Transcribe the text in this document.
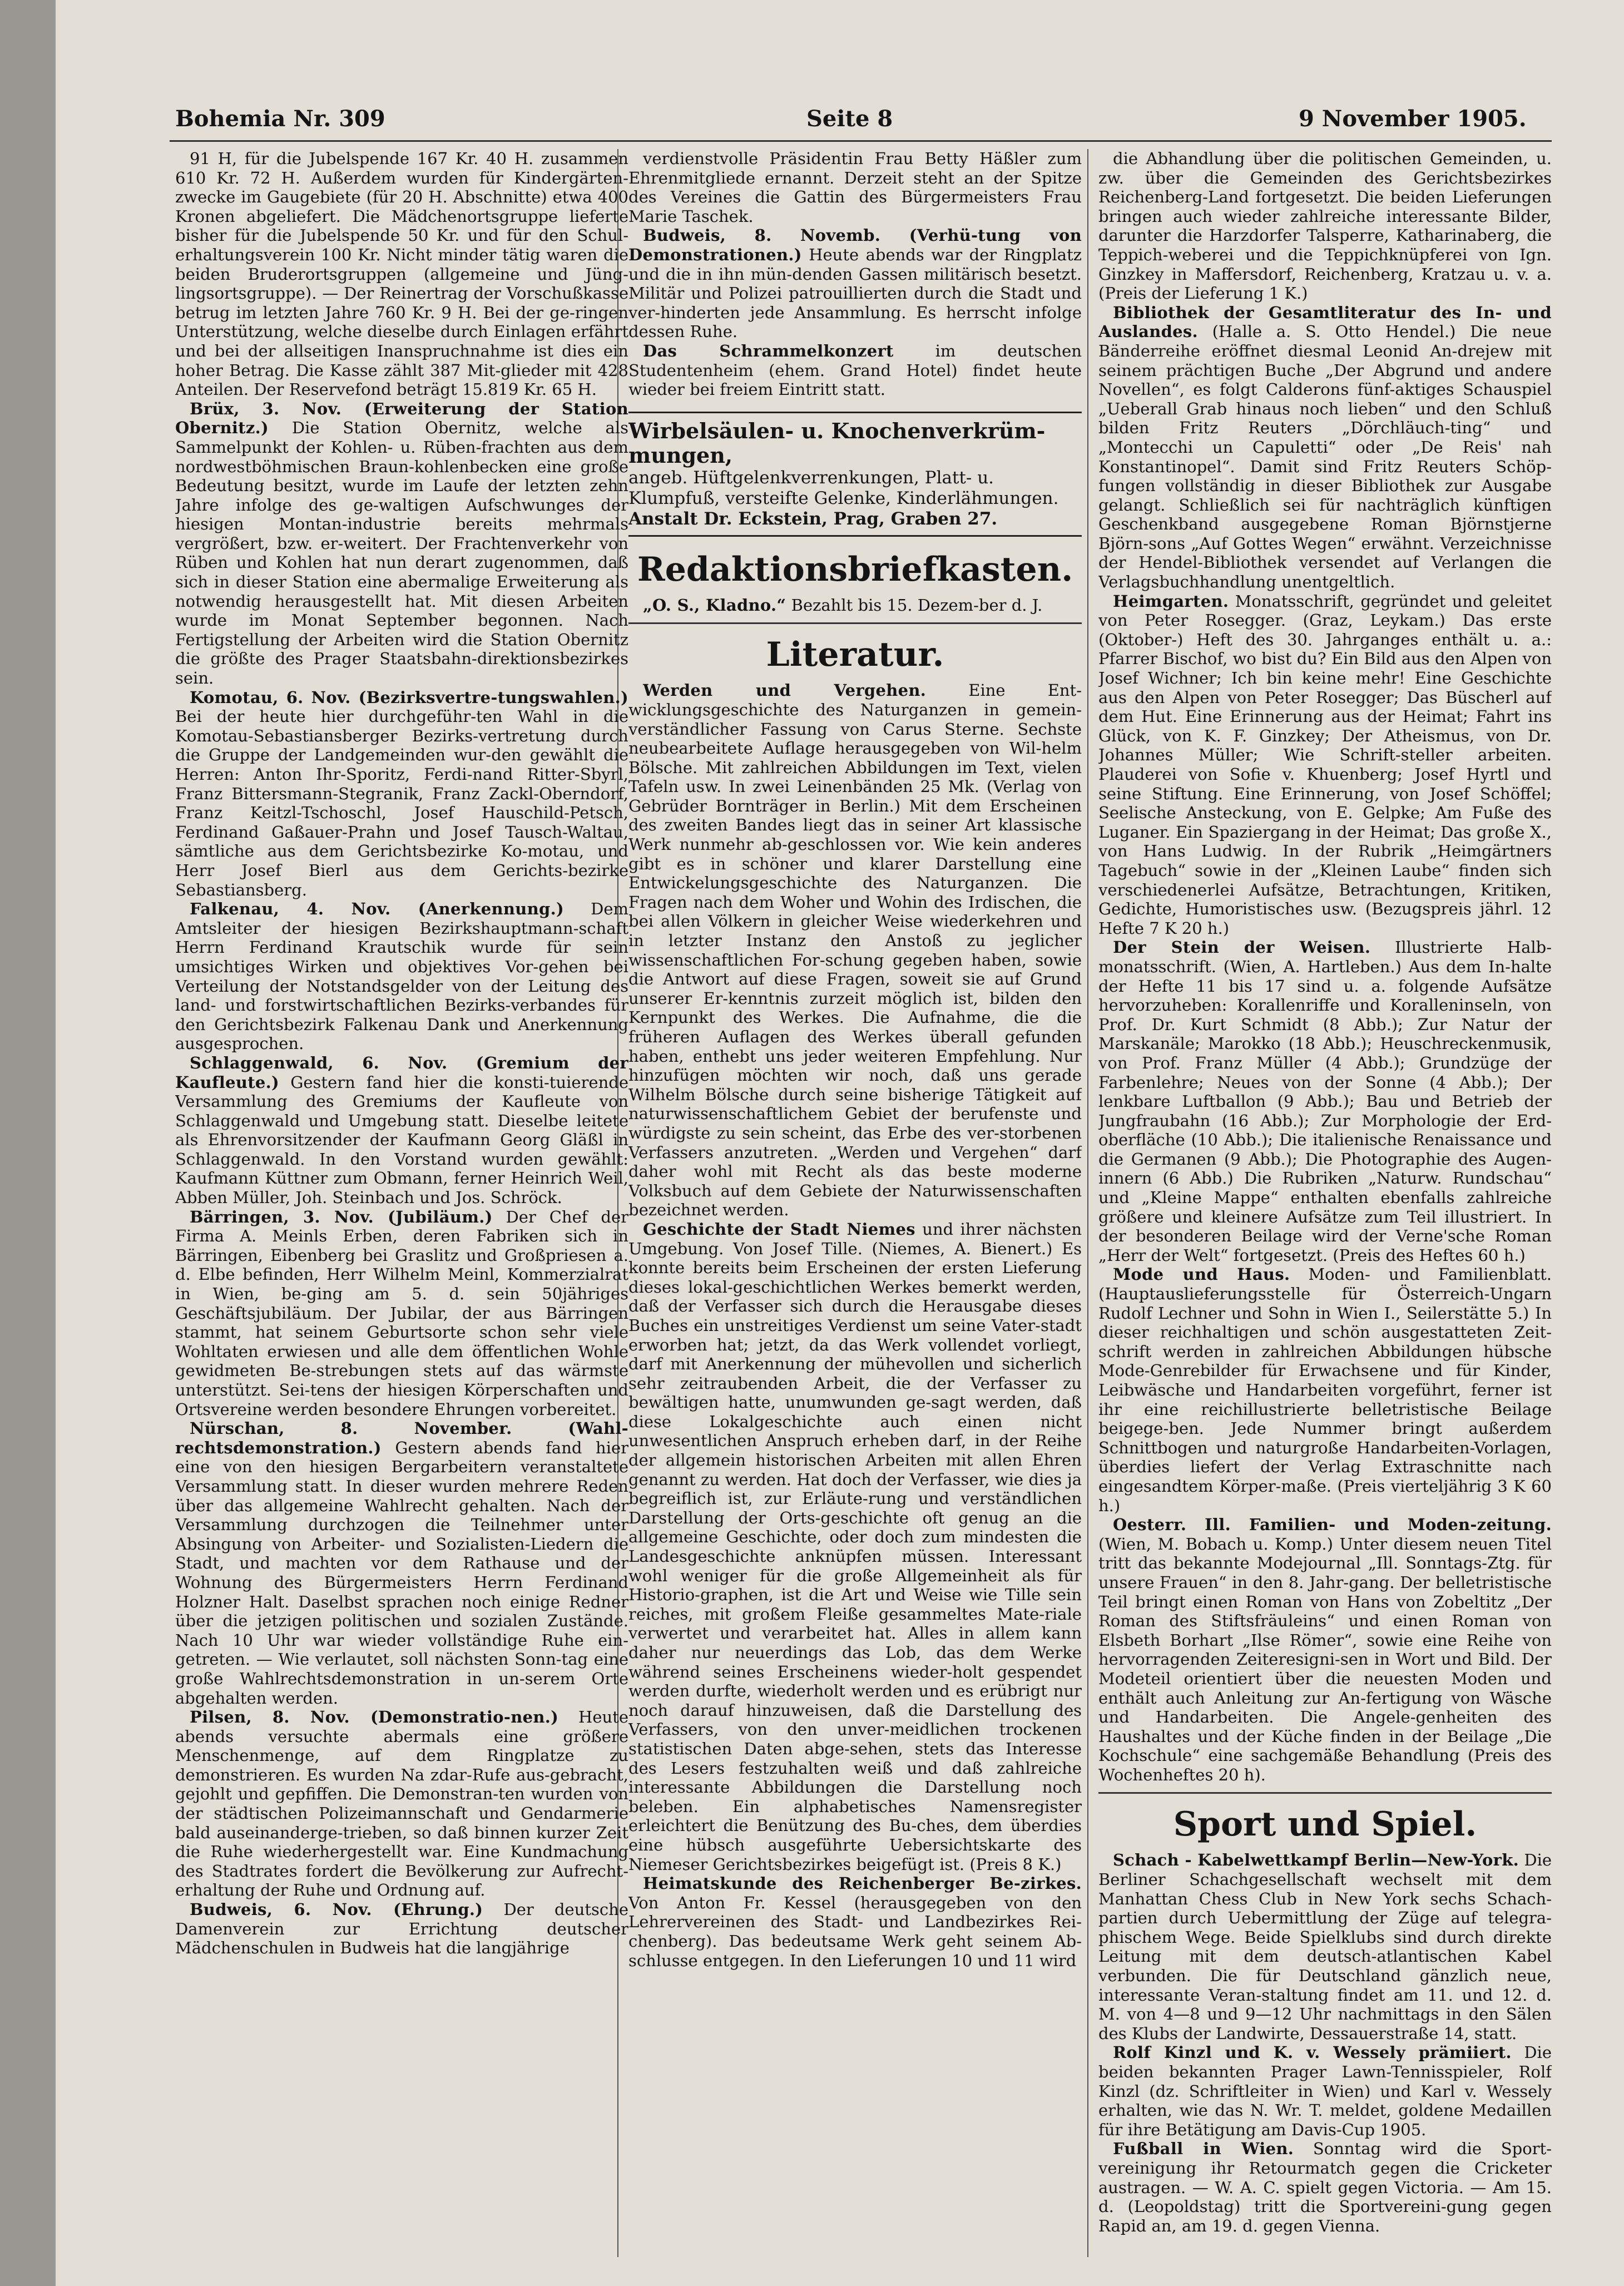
Bohemia Nr. 309	Seite 8	9 November 1905.

91 H, für die Jubelspende 167 Kr. 40 H. zusammen 610 Kr. 72 H. Außerdem wurden für Kindergärten-zwecke im Gaugebiete (für 20 H. Abschnitte) etwa 400 Kronen abgeliefert. Die Mädchenortsgruppe lieferte bisher für die Jubelspende 50 Kr. und für den Schul-erhaltungsverein 100 Kr. Nicht minder tätig waren die beiden Bruderortsgruppen (allgemeine und Jüng-lingsortsgruppe). — Der Reinertrag der Vorschußkasse betrug im letzten Jahre 760 Kr. 9 H. Bei der ge-ringen Unterstützung, welche dieselbe durch Einlagen erfährt und bei der allseitigen Inanspruchnahme ist dies ein hoher Betrag. Die Kasse zählt 387 Mit-glieder mit 428 Anteilen. Der Reservefond beträgt 15.819 Kr. 65 H.

Brüx, 3. Nov. (Erweiterung der Station Obernitz.) Die Station Obernitz, welche als Sammelpunkt der Kohlen- u. Rüben-frachten aus dem nordwestböhmischen Braun-kohlenbecken eine große Bedeutung besitzt, wurde im Laufe der letzten zehn Jahre infolge des ge-waltigen Aufschwunges der hiesigen Montan-industrie bereits mehrmals vergrößert, bzw. er-weitert. Der Frachtenverkehr von Rüben und Kohlen hat nun derart zugenommen, daß sich in dieser Station eine abermalige Erweiterung als notwendig herausgestellt hat. Mit diesen Arbeiten wurde im Monat September begonnen. Nach Fertigstellung der Arbeiten wird die Station Obernitz die größte des Prager Staatsbahn-direktionsbezirkes sein.

Komotau, 6. Nov. (Bezirksvertre-tungswahlen.) Bei der heute hier durchgeführ-ten Wahl in die Komotau-Sebastiansberger Bezirks-vertretung durch die Gruppe der Landgemeinden wur-den gewählt die Herren: Anton Ihr-Sporitz, Ferdi-nand Ritter-Sbyrl, Franz Bittersmann-Stegranik, Franz Zackl-Oberndorf, Franz Keitzl-Tschoschl, Josef Hauschild-Petsch, Ferdinand Gaßauer-Prahn und Josef Tausch-Waltau, sämtliche aus dem Gerichtsbezirke Ko-motau, und Herr Josef Bierl aus dem Gerichts-bezirke Sebastiansberg.

Falkenau, 4. Nov. (Anerkennung.) Dem Amtsleiter der hiesigen Bezirkshauptmann-schaft Herrn Ferdinand Krautschik wurde für sein umsichtiges Wirken und objektives Vor-gehen bei Verteilung der Notstandsgelder von der Leitung des land- und forstwirtschaftlichen Bezirks-verbandes für den Gerichtsbezirk Falkenau Dank und Anerkennung ausgesprochen.

Schlaggenwald, 6. Nov. (Gremium der Kaufleute.) Gestern fand hier die konsti-tuierende Versammlung des Gremiums der Kaufleute von Schlaggenwald und Umgebung statt. Dieselbe leitete als Ehrenvorsitzender der Kaufmann Georg Gläßl in Schlaggenwald. In den Vorstand wurden gewählt: Kaufmann Küttner zum Obmann, ferner Heinrich Weil, Abben Müller, Joh. Steinbach und Jos. Schröck.

Bärringen, 3. Nov. (Jubiläum.) Der Chef der Firma A. Meinls Erben, deren Fabriken sich in Bärringen, Eibenberg bei Graslitz und Großpriesen a. d. Elbe befinden, Herr Wilhelm Meinl, Kommerzialrat in Wien, be-ging am 5. d. sein 50jähriges Geschäftsjubiläum. Der Jubilar, der aus Bärringen stammt, hat seinem Geburtsorte schon sehr viele Wohltaten erwiesen und alle dem öffentlichen Wohle gewidmeten Be-strebungen stets auf das wärmste unterstützt. Sei-tens der hiesigen Körperschaften und Ortsvereine werden besondere Ehrungen vorbereitet.

Nürschan, 8. November. (Wahl-rechtsdemonstration.) Gestern abends fand hier eine von den hiesigen Bergarbeitern veranstaltete Versammlung statt. In dieser wurden mehrere Reden über das allgemeine Wahlrecht gehalten. Nach der Versammlung durchzogen die Teilnehmer unter Absingung von Arbeiter- und Sozialisten-Liedern die Stadt, und machten vor dem Rathause und der Wohnung des Bürgermeisters Herrn Ferdinand Holzner Halt. Daselbst sprachen noch einige Redner über die jetzigen politischen und sozialen Zustände. Nach 10 Uhr war wieder vollständige Ruhe ein-getreten. — Wie verlautet, soll nächsten Sonn-tag eine große Wahlrechtsdemonstration in un-serem Orte abgehalten werden.

Pilsen, 8. Nov. (Demonstratio-nen.) Heute abends versuchte abermals eine größere Menschenmenge, auf dem Ringplatze zu demonstrieren. Es wurden Na zdar-Rufe aus-gebracht, gejohlt und gepfiffen. Die Demonstran-ten wurden von der städtischen Polizeimannschaft und Gendarmerie bald auseinanderge-trieben, so daß binnen kurzer Zeit die Ruhe wiederhergestellt war. Eine Kundmachung des Stadtrates fordert die Bevölkerung zur Aufrecht-erhaltung der Ruhe und Ordnung auf.

Budweis, 6. Nov. (Ehrung.) Der deutsche Damenverein zur Errichtung deutscher Mädchenschulen in Budweis hat die langjährige

verdienstvolle Präsidentin Frau Betty Häßler zum Ehrenmitgliede ernannt. Derzeit steht an der Spitze des Vereines die Gattin des Bürgermeisters Frau Marie Taschek.

Budweis, 8. Novemb. (Verhü-tung von Demonstrationen.) Heute abends war der Ringplatz und die in ihn mün-denden Gassen militärisch besetzt. Militär und Polizei patrouillierten durch die Stadt und ver-hinderten jede Ansammlung. Es herrscht infolge dessen Ruhe.

Das Schrammelkonzert	im deutschen Studentenheim (ehem. Grand Hotel) findet heute wieder bei freiem Eintritt statt.

Wirbelsäulen- u. Knochenverkrüm-mungen,

angeb. Hüftgelenkverrenkungen, Platt- u. Klumpfuß, versteifte Gelenke, Kinderlähmungen.

Anstalt Dr. Eckstein, Prag, Graben 27.

Redaktionsbriefkasten.

„O. S., Kladno.“ Bezahlt bis 15. Dezem-ber d. J.

Literatur.

Werden und Vergehen.	Eine Ent-wicklungsgeschichte des Naturganzen in gemein-verständlicher Fassung von Carus Sterne. Sechste neubearbeitete Auflage herausgegeben von Wil-helm Bölsche. Mit zahlreichen Abbildungen im Text, vielen Tafeln usw. In zwei Leinenbänden 25 Mk. (Verlag von Gebrüder Bornträger in Berlin.) Mit dem Erscheinen des zweiten Bandes liegt das in seiner Art klassische Werk nunmehr ab-geschlossen vor. Wie kein anderes gibt es in schöner und klarer Darstellung eine Entwickelungsgeschichte des Naturganzen. Die Fragen nach dem Woher und Wohin des Irdischen, die bei allen Völkern in gleicher Weise wiederkehren und in letzter Instanz den Anstoß zu jeglicher wissenschaftlichen For-schung gegeben haben, sowie die Antwort auf diese Fragen, soweit sie auf Grund unserer Er-kenntnis zurzeit möglich ist, bilden den Kernpunkt des Werkes. Die Aufnahme, die die früheren Auflagen des Werkes überall gefunden haben, enthebt uns jeder weiteren Empfehlung. Nur hinzufügen möchten wir noch, daß uns gerade Wilhelm Bölsche durch seine bisherige Tätigkeit auf naturwissenschaftlichem Gebiet der berufenste und würdigste zu sein scheint, das Erbe des ver-storbenen Verfassers anzutreten. „Werden und Vergehen“ darf daher wohl mit Recht als das beste moderne Volksbuch auf dem Gebiete der Naturwissenschaften bezeichnet werden.

Geschichte der Stadt Niemes und ihrer nächsten Umgebung. Von Josef Tille. (Niemes, A. Bienert.) Es konnte bereits beim Erscheinen der ersten Lieferung dieses lokal-geschichtlichen Werkes bemerkt werden, daß der Verfasser sich durch die Herausgabe dieses Buches ein unstreitiges Verdienst um seine Vater-stadt erworben hat; jetzt, da das Werk vollendet vorliegt, darf mit Anerkennung der mühevollen und sicherlich sehr zeitraubenden Arbeit, die der Verfasser zu bewältigen hatte, unumwunden ge-sagt werden, daß diese Lokalgeschichte auch einen nicht unwesentlichen Anspruch erheben darf, in der Reihe der allgemein historischen Arbeiten mit allen Ehren genannt zu werden. Hat doch der Verfasser, wie dies ja begreiflich ist, zur Erläute-rung und verständlichen Darstellung der Orts-geschichte oft genug an die allgemeine Geschichte, oder doch zum mindesten die Landesgeschichte anknüpfen müssen. Interessant wohl weniger für die große Allgemeinheit als für Historio-graphen, ist die Art und Weise wie Tille sein reiches, mit großem Fleiße gesammeltes Mate-riale verwertet und verarbeitet hat. Alles in allem kann daher nur neuerdings das Lob, das dem Werke während seines Erscheinens wieder-holt gespendet werden durfte, wiederholt werden und es erübrigt nur noch darauf hinzuweisen, daß die Darstellung des Verfassers, von den unver-meidlichen trockenen statistischen Daten abge-sehen, stets das Interesse des Lesers festzuhalten weiß und daß zahlreiche interessante Abbildungen die Darstellung noch beleben. Ein alphabetisches Namensregister erleichtert die Benützung des Bu-ches, dem überdies eine hübsch ausgeführte Uebersichtskarte des Niemeser Gerichtsbezirkes beigefügt ist. (Preis 8 K.)

Heimatskunde des Reichenberger Be-zirkes. Von Anton Fr. Kessel (herausgegeben von den Lehrervereinen des Stadt- und Landbezirkes Rei-chenberg). Das bedeutsame Werk geht seinem Ab-schlusse entgegen. In den Lieferungen 10 und 11 wird

die Abhandlung über die politischen Gemeinden, u. zw. über die Gemeinden des Gerichtsbezirkes Reichenberg-Land fortgesetzt. Die beiden Lieferungen bringen auch wieder zahlreiche interessante Bilder, darunter die Harzdorfer Talsperre, Katharinaberg, die Teppich-weberei und die Teppichknüpferei von Ign. Ginzkey in Maffersdorf, Reichenberg, Kratzau u. v. a. (Preis der Lieferung 1 K.)

Bibliothek der Gesamtliteratur des In- und Auslandes. (Halle a. S. Otto Hendel.) Die neue Bänderreihe eröffnet diesmal Leonid An-drejew mit seinem prächtigen Buche „Der Abgrund und andere Novellen“, es folgt Calderons fünf-aktiges Schauspiel „Ueberall Grab hinaus noch lieben“ und den Schluß bilden Fritz Reuters „Dörchläuch-ting“ und „Montecchi un Capuletti“ oder „De Reis' nah Konstantinopel“. Damit sind Fritz Reuters Schöp-fungen vollständig in dieser Bibliothek zur Ausgabe gelangt. Schließlich sei für nachträglich künftigen Geschenkband ausgegebene Roman Björnstjerne Björn-sons „Auf Gottes Wegen“ erwähnt. Verzeichnisse der Hendel-Bibliothek versendet auf Verlangen die Verlagsbuchhandlung unentgeltlich.

Heimgarten. Monatsschrift, gegründet und geleitet von Peter Rosegger. (Graz, Leykam.) Das erste (Oktober-) Heft des 30. Jahrganges enthält u. a.: Pfarrer Bischof, wo bist du? Ein Bild aus den Alpen von Josef Wichner; Ich bin keine mehr! Eine Geschichte aus den Alpen von Peter Rosegger; Das Büscherl auf dem Hut. Eine Erinnerung aus der Heimat; Fahrt ins Glück, von K. F. Ginzkey; Der Atheismus, von Dr. Johannes Müller; Wie Schrift-steller arbeiten. Plauderei von Sofie v. Khuenberg; Josef Hyrtl und seine Stiftung. Eine Erinnerung, von Josef Schöffel; Seelische Ansteckung, von E. Gelpke; Am Fuße des Luganer. Ein Spaziergang in der Heimat; Das große X., von Hans Ludwig. In der Rubrik „Heimgärtners Tagebuch“ sowie in der „Kleinen Laube“ finden sich verschiedenerlei Aufsätze, Betrachtungen, Kritiken, Gedichte, Humoristisches usw. (Bezugspreis jährl. 12 Hefte 7 K 20 h.)

Der Stein der Weisen. Illustrierte Halb-monatsschrift. (Wien, A. Hartleben.) Aus dem In-halte der Hefte 11 bis 17 sind u. a. folgende Aufsätze hervorzuheben: Korallenriffe und Koralleninseln, von Prof. Dr. Kurt Schmidt (8 Abb.); Zur Natur der Marskanäle; Marokko (18 Abb.); Heuschreckenmusik, von Prof. Franz Müller (4 Abb.); Grundzüge der Farbenlehre; Neues von der Sonne (4 Abb.); Der lenkbare Luftballon (9 Abb.); Bau und Betrieb der Jungfraubahn (16 Abb.); Zur Morphologie der Erd-oberfläche (10 Abb.); Die italienische Renaissance und die Germanen (9 Abb.); Die Photographie des Augen-innern (6 Abb.) Die Rubriken „Naturw. Rundschau“ und „Kleine Mappe“ enthalten ebenfalls zahlreiche größere und kleinere Aufsätze zum Teil illustriert. In der besonderen Beilage wird der Verne'sche Roman „Herr der Welt“ fortgesetzt. (Preis des Heftes 60 h.)

Mode und Haus. Moden- und Familienblatt. (Hauptauslieferungsstelle für Österreich-Ungarn Rudolf Lechner und Sohn in Wien I., Seilerstätte 5.) In dieser reichhaltigen und schön ausgestatteten Zeit-schrift werden in zahlreichen Abbildungen hübsche Mode-Genrebilder für Erwachsene und für Kinder, Leibwäsche und Handarbeiten vorgeführt, ferner ist ihr eine reichillustrierte belletristische Beilage beigege-ben. Jede Nummer bringt außerdem Schnittbogen und naturgroße Handarbeiten-Vorlagen, überdies liefert der Verlag Extraschnitte nach eingesandtem Körper-maße. (Preis vierteljährig 3 K 60 h.)

Oesterr. Ill. Familien- und Moden-zeitung. (Wien, M. Bobach u. Komp.) Unter diesem neuen Titel tritt das bekannte Modejournal „Ill. Sonntags-Ztg. für unsere Frauen“ in den 8. Jahr-gang. Der belletristische Teil bringt einen Roman von Hans von Zobeltitz „Der Roman des Stiftsfräuleins“ und einen Roman von Elsbeth Borhart „Ilse Römer“, sowie eine Reihe von hervorragenden Zeiteresigni-sen in Wort und Bild. Der Modeteil orientiert über die neuesten Moden und enthält auch Anleitung zur An-fertigung von Wäsche und Handarbeiten. Die Angele-genheiten des Haushaltes und der Küche finden in der Beilage „Die Kochschule“ eine sachgemäße Behandlung (Preis des Wochenheftes 20 h).

Sport und Spiel.

Schach - Kabelwettkampf Berlin—New-York. Die Berliner Schachgesellschaft wechselt mit dem Manhattan Chess Club in New York sechs Schach-partien durch Uebermittlung der Züge auf telegra-phischem Wege. Beide Spielklubs sind durch direkte Leitung mit dem deutsch-atlantischen Kabel verbunden. Die für Deutschland gänzlich neue, interessante Veran-staltung findet am 11. und 12. d. M. von 4—8 und 9—12 Uhr nachmittags in den Sälen des Klubs der Landwirte, Dessauerstraße 14, statt.

Rolf Kinzl und K. v. Wessely prämiiert. Die beiden bekannten Prager Lawn-Tennisspieler, Rolf Kinzl (dz. Schriftleiter in Wien) und Karl v. Wessely erhalten, wie das N. Wr. T. meldet, goldene Medaillen für ihre Betätigung am Davis-Cup 1905.

Fußball in Wien. Sonntag wird die Sport-vereinigung ihr Retourmatch gegen die Cricketer austragen. — W. A. C. spielt gegen Victoria. — Am 15. d. (Leopoldstag) tritt die Sportvereini-gung gegen Rapid an, am 19. d. gegen Vienna.
